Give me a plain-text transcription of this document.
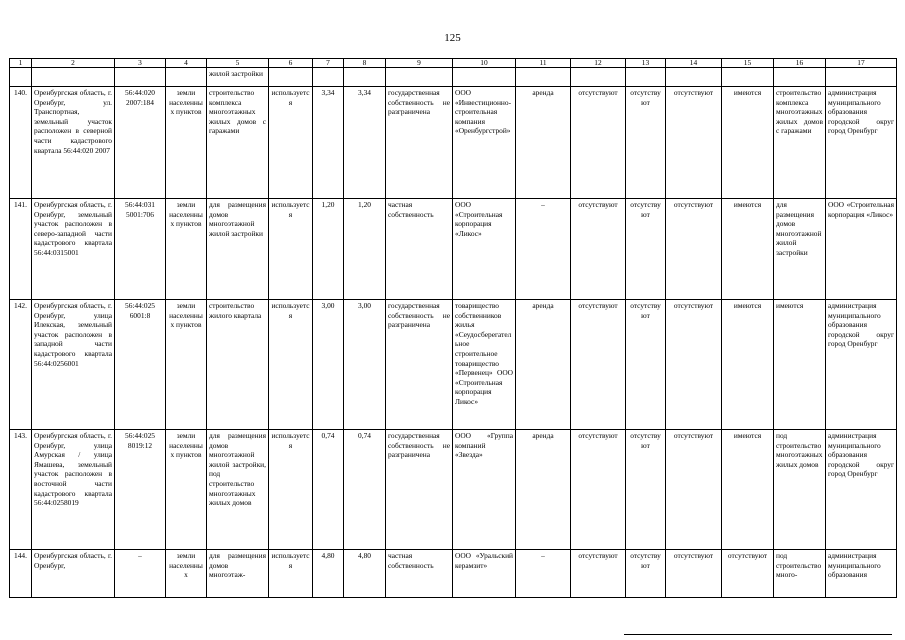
125
1	2	3	4	5	6	7	8	9	10	11	12	13	14	15	16	17
				жилой застройки												
140.	Оренбургская область, г. Оренбург, ул. Транспортная, земельный участок расположен в северной части кадастрового квартала 56:44:020 2007	56:44:020 2007:184	земли населенных пунктов	строительство комплекса многоэтажных жилых домов с гаражами	используется	3,34	3,34	государственная собственность не разграничена	ООО «Инвестиционно-строительная компания «Оренбургстрой»	аренда	отсутствуют	отсутствуют	отсутствуют	имеются	строительство комплекса многоэтажных жилых домов с гаражами	администрация муниципального образования городской округ город Оренбург
141.	Оренбургская область, г. Оренбург, земельный участок расположен в северо-западной части кадастрового квартала 56:44:0315001	56:44:031 5001:706	земли населенных пунктов	для размещения домов многоэтажной жилой застройки	используется	1,20	1,20	частная собственность	ООО «Строительная корпорация «Ликос»	–	отсутствуют	отсутствуют	отсутствуют	имеются	для размещения домов многоэтажной жилой застройки	ООО «Строительная корпорация «Ликос»
142.	Оренбургская область, г. Оренбург, улица Илекская, земельный участок расположен в западной части кадастрового квартала 56:44:0256001	56:44:025 6001:8	земли населенных пунктов	строительство жилого квартала	используется	3,00	3,00	государственная собственность не разграничена	товарищество собственников жилья «Сеудосберегательное строительное товарищество «Первенец» ООО «Строительная корпорация Ликос»	аренда	отсутствуют	отсутствуют	отсутствуют	имеются	имеются	администрация муниципального образования городской округ город Оренбург
143.	Оренбургская область, г. Оренбург, улица Амурская / улица Ямашева, земельный участок расположен в восточной части кадастрового квартала 56:44:0258019	56:44:025 8019:12	земли населенных пунктов	для размещения домов многоэтажной жилой застройки, под строительство многоэтажных жилых домов	используется	0,74	0,74	государственная собственность не разграничена	ООО «Группа компаний «Звезда»	аренда	отсутствуют	отсутствуют	отсутствуют	имеются	под строительство многоэтажных жилых домов	администрация муниципального образования городской округ город Оренбург
144.	Оренбургская область, г. Оренбург,	–	земли населенных	для размещения домов многоэтаж-	используется	4,80	4,80	частная собственность	ООО «Уральский керамзит»	–	отсутствуют	отсутствуют	отсутствуют	отсутствуют	под строительство много-	администрация муниципального образования
